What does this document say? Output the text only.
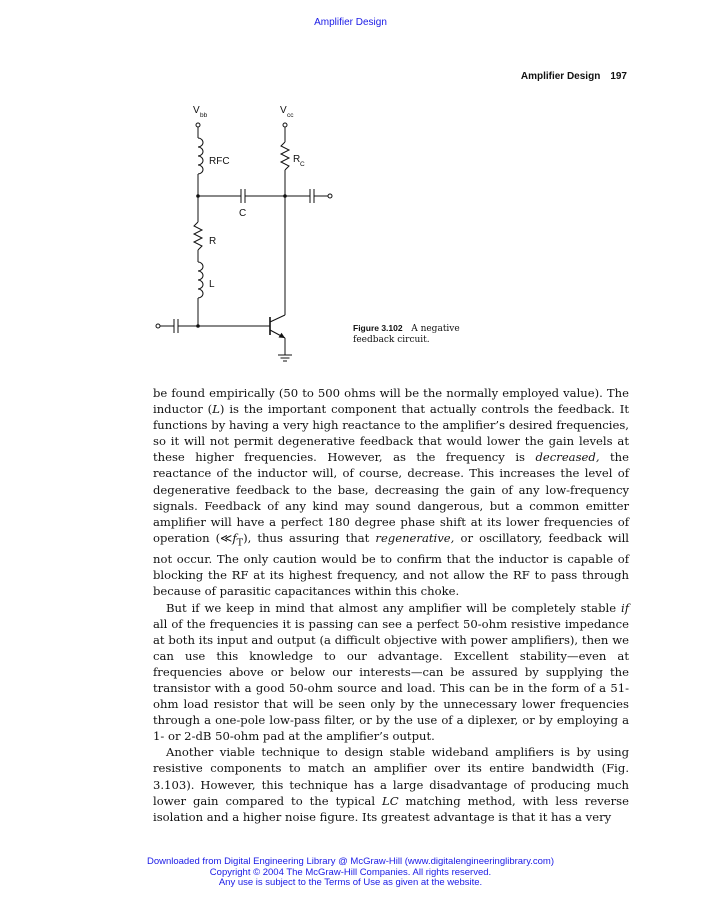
Amplifier Design
Amplifier Design 197
V bb	V cc
RFC	R C
C
R
L
Figure 3.102 A negative feedback circuit.

be found empirically (50 to 500 ohms will be the normally employed value). The inductor (L) is the important component that actually controls the feedback. It functions by having a very high reactance to the amplifier’s desired frequencies, so it will not permit degenerative feedback that would lower the gain levels at these higher frequencies. However, as the frequency is decreased, the reactance of the inductor will, of course, decrease. This increases the level of degenerative feedback to the base, decreasing the gain of any low-frequency signals. Feedback of any kind may sound dangerous, but a common emitter amplifier will have a perfect 180 degree phase shift at its lower frequencies of operation $(≪f_T)$, thus assuring that regenerative, or oscillatory, feedback will not occur. The only caution would be to confirm that the inductor is capable of blocking the RF at its highest frequency, and not allow the RF to pass through because of parasitic capacitances within this choke.

But if we keep in mind that almost any amplifier will be completely stable if all of the frequencies it is passing can see a perfect 50-ohm resistive impedance at both its input and output (a difficult objective with power amplifiers), then we can use this knowledge to our advantage. Excellent stability—even at frequencies above or below our interests—can be assured by supplying the transistor with a good 50-ohm source and load. This can be in the form of a 51-ohm load resistor that will be seen only by the unnecessary lower frequencies through a one-pole low-pass filter, or by the use of a diplexer, or by employing a 1- or 2-dB 50-ohm pad at the amplifier’s output.

Another viable technique to design stable wideband amplifiers is by using resistive components to match an amplifier over its entire bandwidth (Fig. 3.103). However, this technique has a large disadvantage of producing much lower gain compared to the typical LC matching method, with less reverse isolation and a higher noise figure. Its greatest advantage is that it has a very

Downloaded from Digital Engineering Library @ McGraw-Hill (www.digitalengineeringlibrary.com)
Copyright © 2004 The McGraw-Hill Companies. All rights reserved.
Any use is subject to the Terms of Use as given at the website.
